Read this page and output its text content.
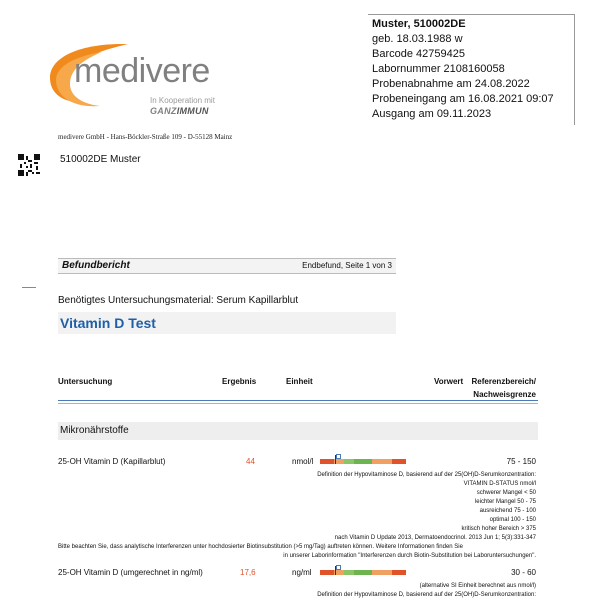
Muster, 510002DE
geb. 18.03.1988 w
Barcode 42759425
Labornummer 2108160058
Probenabnahme am 24.08.2022
Probeneingang am 16.08.2021 09:07
Ausgang am 09.11.2023
medivere
In Kooperation mit
GANZIMMUN
medivere GmbH - Hans-Böckler-Straße 109 - D-55128 Mainz
510002DE Muster
Befundbericht	Endbefund, Seite 1 von 3
Benötigtes Untersuchungsmaterial: Serum Kapillarblut
Vitamin D Test
Untersuchung	Ergebnis	Einheit	Vorwert Referenzbereich/
Nachweisgrenze
Mikronährstoffe
25-OH Vitamin D (Kapillarblut)	44	nmol/l	75 - 150
Definition der Hypovitaminose D, basierend auf der 25(OH)D-Serumkonzentration:
VITAMIN D-STATUS nmol/l
schwerer Mangel < 50
leichter Mangel 50 - 75
ausreichend 75 - 100
optimal 100 - 150
kritisch hoher Bereich > 375
nach Vitamin D Update 2013, Dermatoendocrinol. 2013 Jun 1; 5(3):331-347
Bitte beachten Sie, dass analytische Interferenzen unter hochdosierter Biotinsubstitution (>5 mg/Tag) auftreten können. Weitere Informationen finden Sie
in unserer Laborinformation "Interferenzen durch Biotin-Substitution bei Laboruntersuchungen".
25-OH Vitamin D (umgerechnet in ng/ml)	17,6	ng/ml	30 - 60
(alternative SI Einheit berechnet aus nmol/l)
Definition der Hypovitaminose D, basierend auf der 25(OH)D-Serumkonzentration:
